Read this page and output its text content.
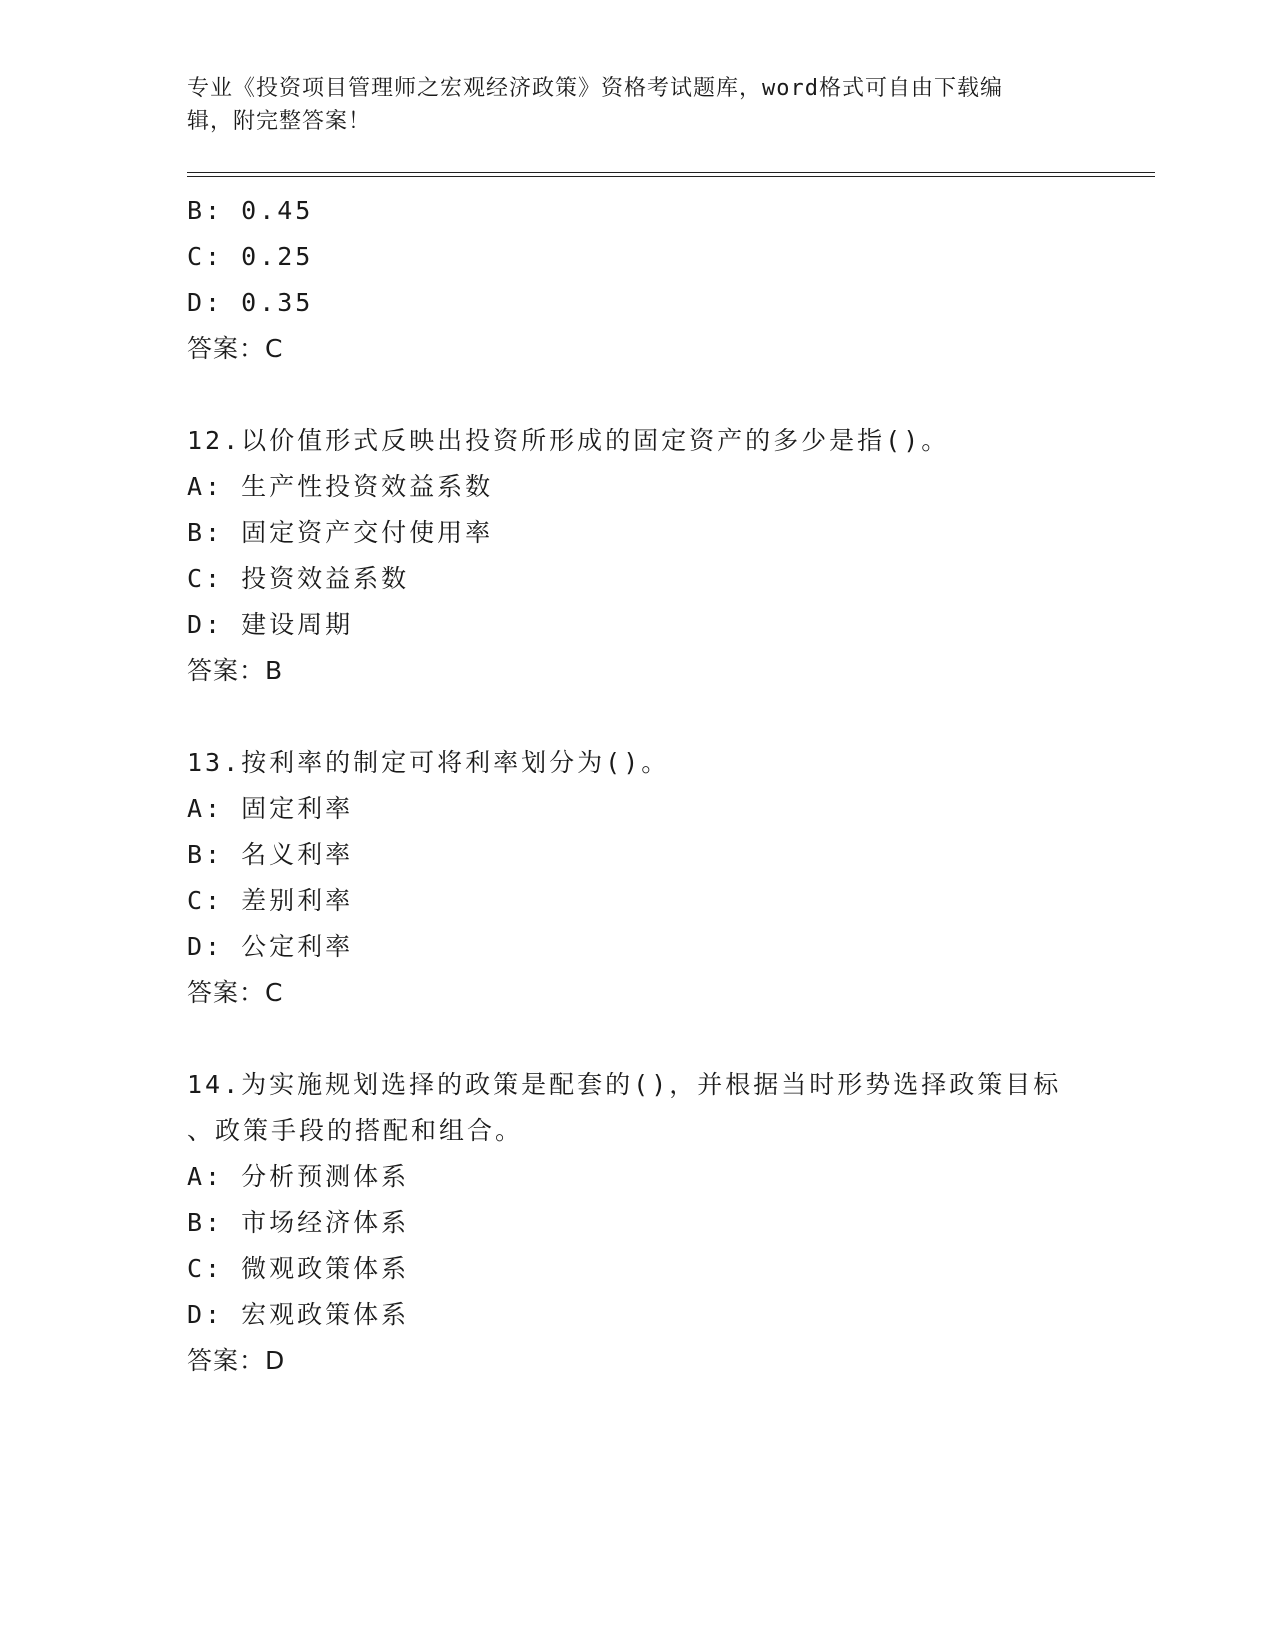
专业《投资项目管理师之宏观经济政策》资格考试题库，word格式可自由下载编
辑，附完整答案！
B: 0.45
C: 0.25
D: 0.35
答案：C
12.以价值形式反映出投资所形成的固定资产的多少是指()。
A: 生产性投资效益系数
B: 固定资产交付使用率
C: 投资效益系数
D: 建设周期
答案：B
13.按利率的制定可将利率划分为()。
A: 固定利率
B: 名义利率
C: 差别利率
D: 公定利率
答案：C
14.为实施规划选择的政策是配套的()，并根据当时形势选择政策目标
、政策手段的搭配和组合。
A: 分析预测体系
B: 市场经济体系
C: 微观政策体系
D: 宏观政策体系
答案：D
